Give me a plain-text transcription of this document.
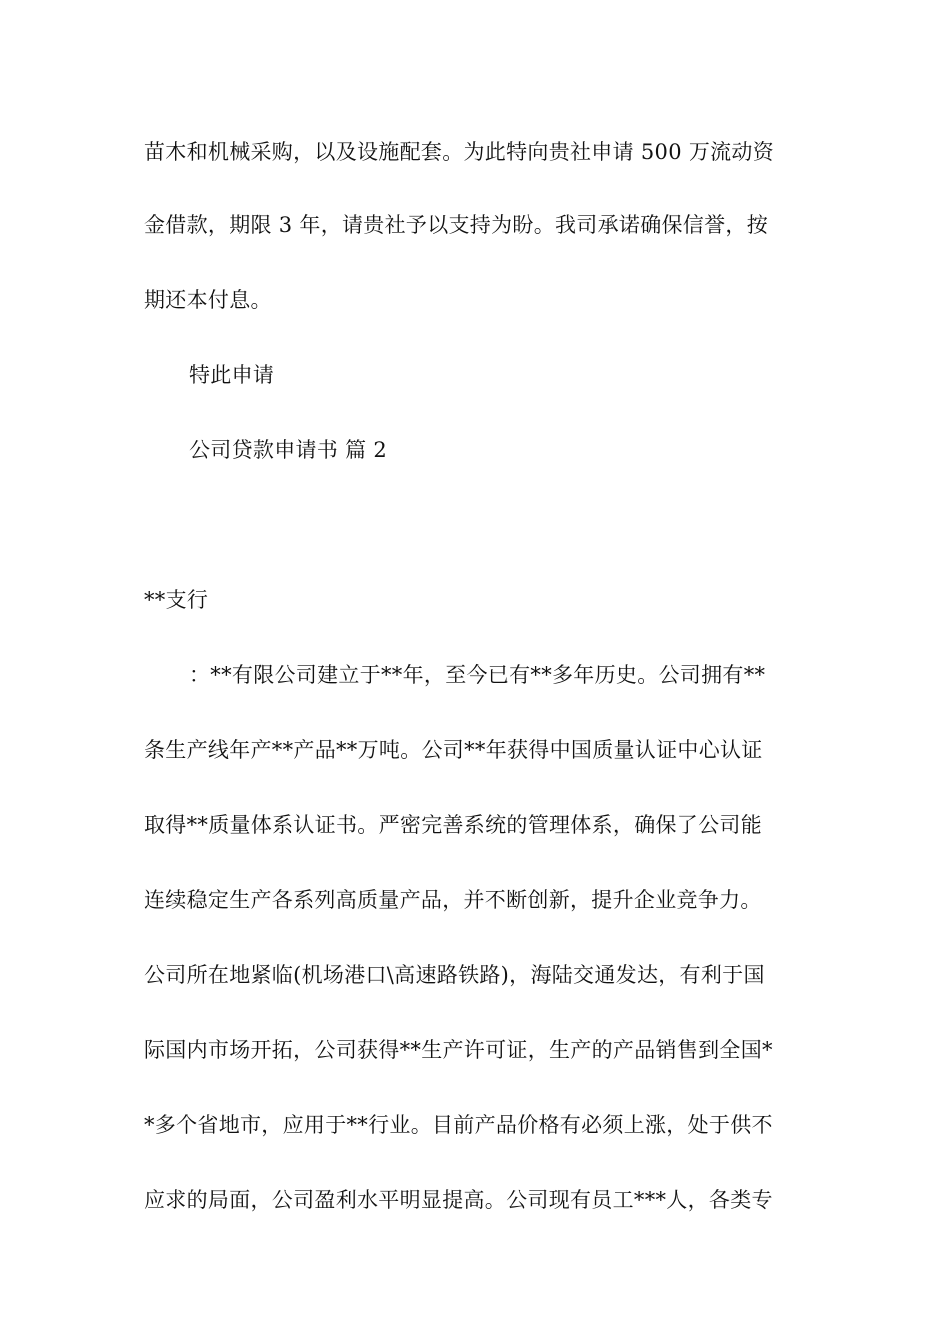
苗木和机械采购，以及设施配套。为此特向贵社申请 500 万流动资
金借款，期限 3 年，请贵社予以支持为盼。我司承诺确保信誉，按
期还本付息。
特此申请
公司贷款申请书 篇 2
**支行
：**有限公司建立于**年，至今已有**多年历史。公司拥有**
条生产线年产**产品**万吨。公司**年获得中国质量认证中心认证
取得**质量体系认证书。严密完善系统的管理体系，确保了公司能
连续稳定生产各系列高质量产品，并不断创新，提升企业竞争力。
公司所在地紧临(机场港口\高速路铁路)，海陆交通发达，有利于国
际国内市场开拓，公司获得**生产许可证，生产的产品销售到全国*
*多个省地市，应用于**行业。目前产品价格有必须上涨，处于供不
应求的局面，公司盈利水平明显提高。公司现有员工***人，各类专
